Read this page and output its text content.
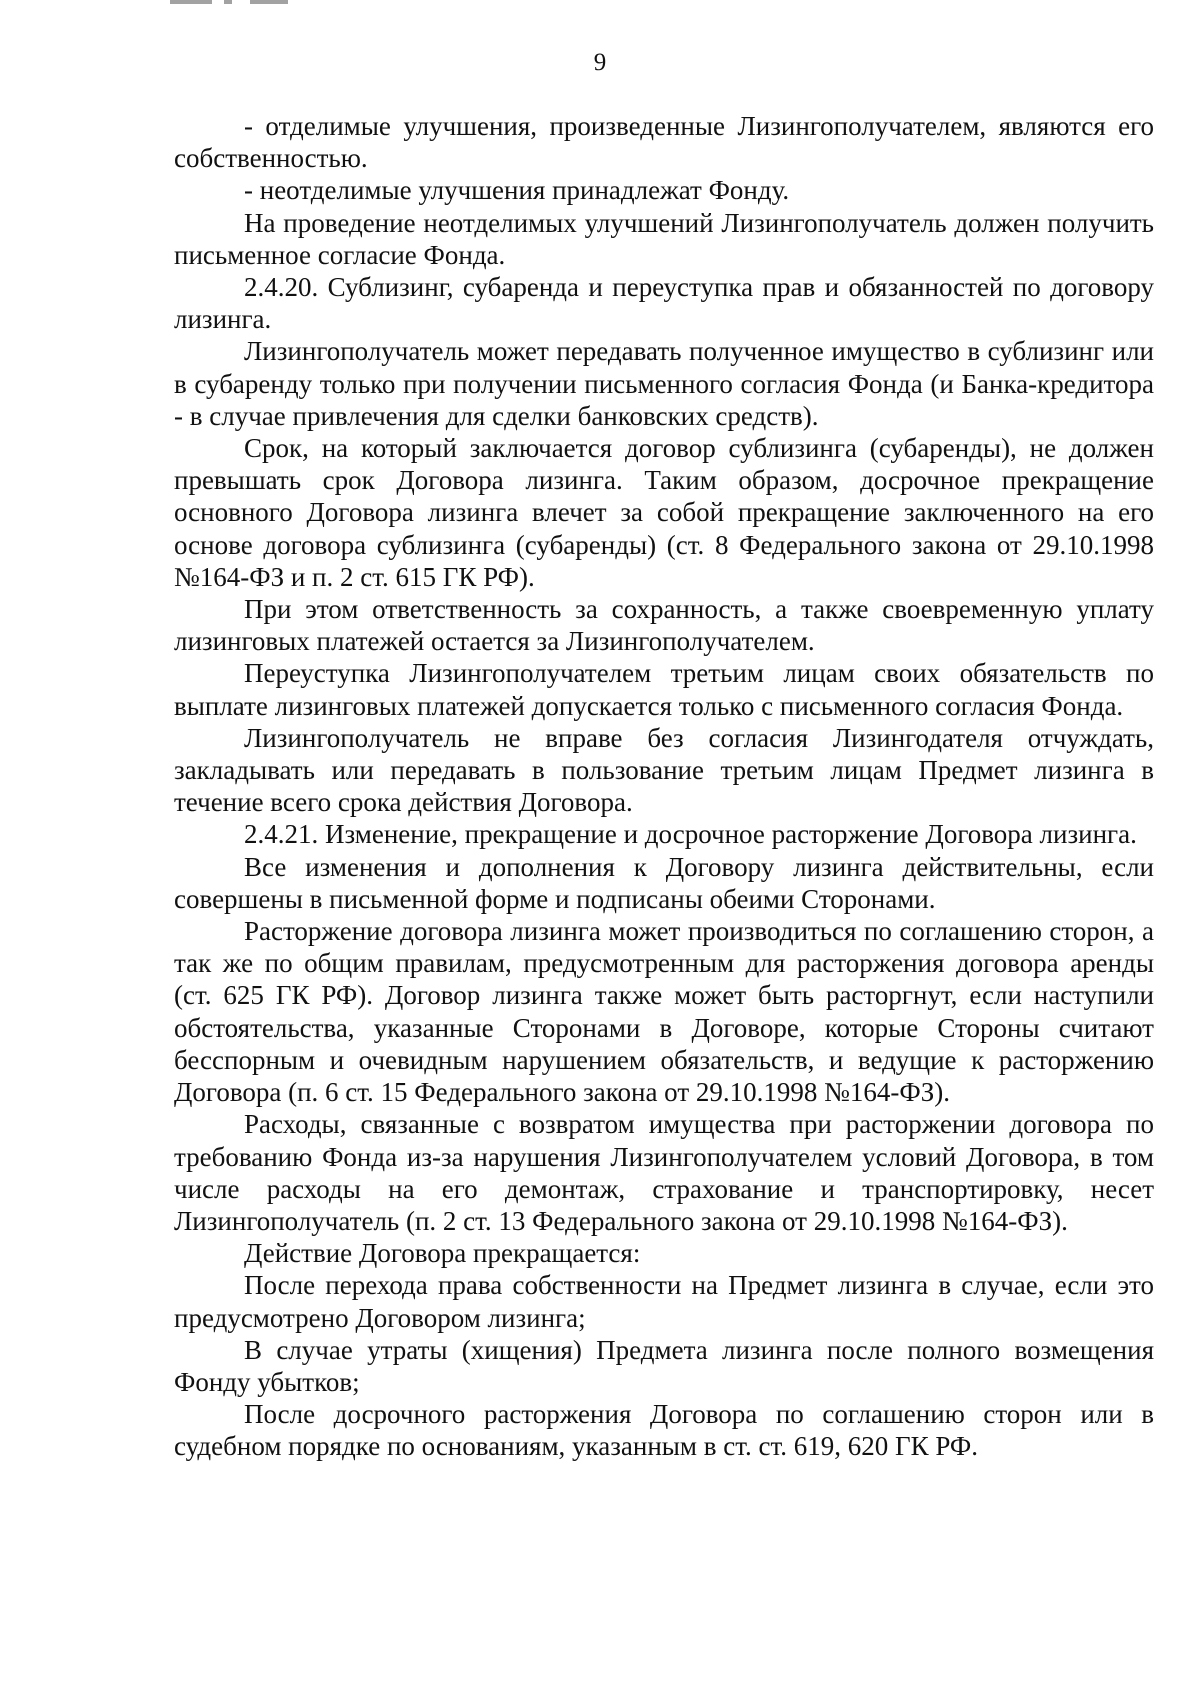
9

- отделимые улучшения, произведенные Лизингополучателем, являются его собственностью.

- неотделимые улучшения принадлежат Фонду.

На проведение неотделимых улучшений Лизингополучатель должен получить письменное согласие Фонда.

2.4.20. Сублизинг, субаренда и переуступка прав и обязанностей по договору лизинга.

Лизингополучатель может передавать полученное имущество в сублизинг или в субаренду только при получении письменного согласия Фонда (и Банка-кредитора - в случае привлечения для сделки банковских средств).

Срок, на который заключается договор сублизинга (субаренды), не должен превышать срок Договора лизинга. Таким образом, досрочное прекращение основного Договора лизинга влечет за собой прекращение заключенного на его основе договора сублизинга (субаренды) (ст. 8 Федерального закона от 29.10.1998 №164-ФЗ и п. 2 ст. 615 ГК РФ).

При этом ответственность за сохранность, а также своевременную уплату лизинговых платежей остается за Лизингополучателем.

Переуступка Лизингополучателем третьим лицам своих обязательств по выплате лизинговых платежей допускается только с письменного согласия Фонда.

Лизингополучатель не вправе без согласия Лизингодателя отчуждать, закладывать или передавать в пользование третьим лицам Предмет лизинга в течение всего срока действия Договора.

2.4.21. Изменение, прекращение и досрочное расторжение Договора лизинга.

Все изменения и дополнения к Договору лизинга действительны, если совершены в письменной форме и подписаны обеими Сторонами.

Расторжение договора лизинга может производиться по соглашению сторон, а так же по общим правилам, предусмотренным для расторжения договора аренды (ст. 625 ГК РФ). Договор лизинга также может быть расторгнут, если наступили обстоятельства, указанные Сторонами в Договоре, которые Стороны считают бесспорным и очевидным нарушением обязательств, и ведущие к расторжению Договора (п. 6 ст. 15 Федерального закона от 29.10.1998 №164-ФЗ).

Расходы, связанные с возвратом имущества при расторжении договора по требованию Фонда из-за нарушения Лизингополучателем условий Договора, в том числе расходы на его демонтаж, страхование и транспортировку, несет Лизингополучатель (п. 2 ст. 13 Федерального закона от 29.10.1998 №164-ФЗ).

Действие Договора прекращается:

После перехода права собственности на Предмет лизинга в случае, если это предусмотрено Договором лизинга;

В случае утраты (хищения) Предмета лизинга после полного возмещения Фонду убытков;

После досрочного расторжения Договора по соглашению сторон или в судебном порядке по основаниям, указанным в ст. ст. 619, 620 ГК РФ.
